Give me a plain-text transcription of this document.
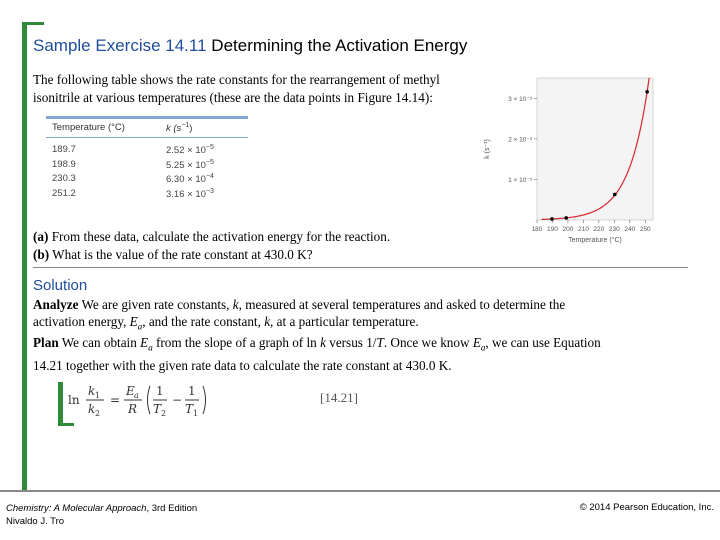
Sample Exercise 14.11 Determining the Activation Energy
The following table shows the rate constants for the rearrangement of methyl isonitrile at various temperatures (these are the data points in Figure 14.14):
Temperature (°C)	k $(s^{-1})$
189.7	$2.52 \times 10^{-5}$
198.9	$5.25 \times 10^{-5}$
230.3	$6.30 \times 10^{-4}$
251.2	$3.16 \times 10^{-3}$
(a) From these data, calculate the activation energy for the reaction.
(b) What is the value of the rate constant at 430.0 K?
1 × 10⁻³
2 × 10⁻³
3 × 10⁻³
180 190 200 210 220 230 240 250
Temperature (°C)
k (s⁻¹)
Solution
Analyze We are given rate constants, k, measured at several temperatures and asked to determine the activation energy, $E_a$, and the rate constant, k, at a particular temperature.
Plan We can obtain $E_a$ from the slope of a graph of ln k versus 1/T. Once we know $E_a$, we can use Equation 14.21 together with the given rate data to calculate the rate constant at 430.0 K.
ln
k 1
k 2
=
E a
R
1
T 2
−
1
T 1
[14.21]
Chemistry: A Molecular Approach, 3rd Edition
Nivaldo J. Tro
© 2014 Pearson Education, Inc.
